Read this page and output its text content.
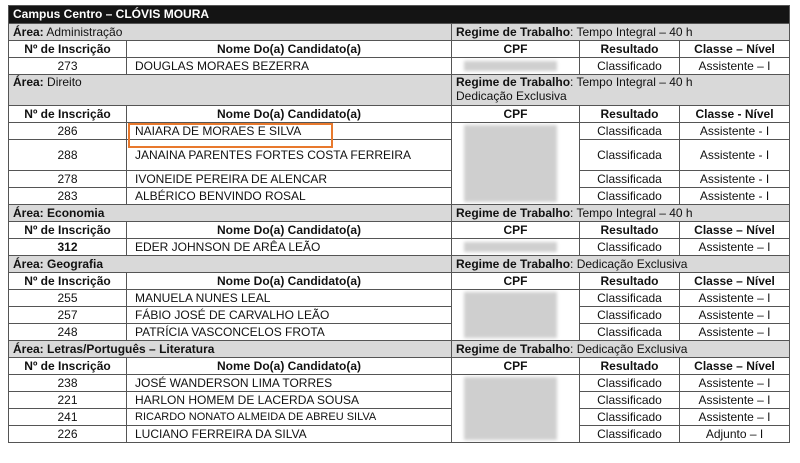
Campus Centro – CLÓVIS MOURA				
Área: Administração		Regime de Trabalho: Tempo Integral – 40 h		
Nº de Inscrição	Nome Do(a) Candidato(a)	CPF	Resultado	Classe – Nível
273	DOUGLAS MORAES BEZERRA		Classificado	Assistente – I
Área: Direito		Regime de Trabalho: Tempo Integral – 40 h
Dedicação Exclusiva		
Nº de Inscrição	Nome Do(a) Candidato(a)	CPF	Resultado	Classe - Nível
286	NAIARA DE MORAES E SILVA		Classificada	Assistente - I
288	JANAINA PARENTES FORTES COSTA FERREIRA		Classificada	Assistente - I
278	IVONEIDE PEREIRA DE ALENCAR		Classificada	Assistente - I
283	ALBÉRICO BENVINDO ROSAL		Classificado	Assistente - I
Área: Economia		Regime de Trabalho: Tempo Integral – 40 h		
Nº de Inscrição	Nome Do(a) Candidato(a)	CPF	Resultado	Classe – Nível
312	EDER JOHNSON DE ARÊA LEÃO		Classificado	Assistente – I
Área: Geografia		Regime de Trabalho: Dedicação Exclusiva		
Nº de Inscrição	Nome Do(a) Candidato(a)	CPF	Resultado	Classe – Nível
255	MANUELA NUNES LEAL		Classificada	Assistente – I
257	FÁBIO JOSÉ DE CARVALHO LEÃO		Classificado	Assistente – I
248	PATRÍCIA VASCONCELOS FROTA		Classificada	Assistente – I
Área: Letras/Português – Literatura		Regime de Trabalho: Dedicação Exclusiva		
Nº de Inscrição	Nome Do(a) Candidato(a)	CPF	Resultado	Classe – Nível
238	JOSÉ WANDERSON LIMA TORRES		Classificado	Assistente – I
221	HARLON HOMEM DE LACERDA SOUSA		Classificado	Assistente – I
241	RICARDO NONATO ALMEIDA DE ABREU SILVA		Classificado	Assistente – I
226	LUCIANO FERREIRA DA SILVA		Classificado	Adjunto – I
